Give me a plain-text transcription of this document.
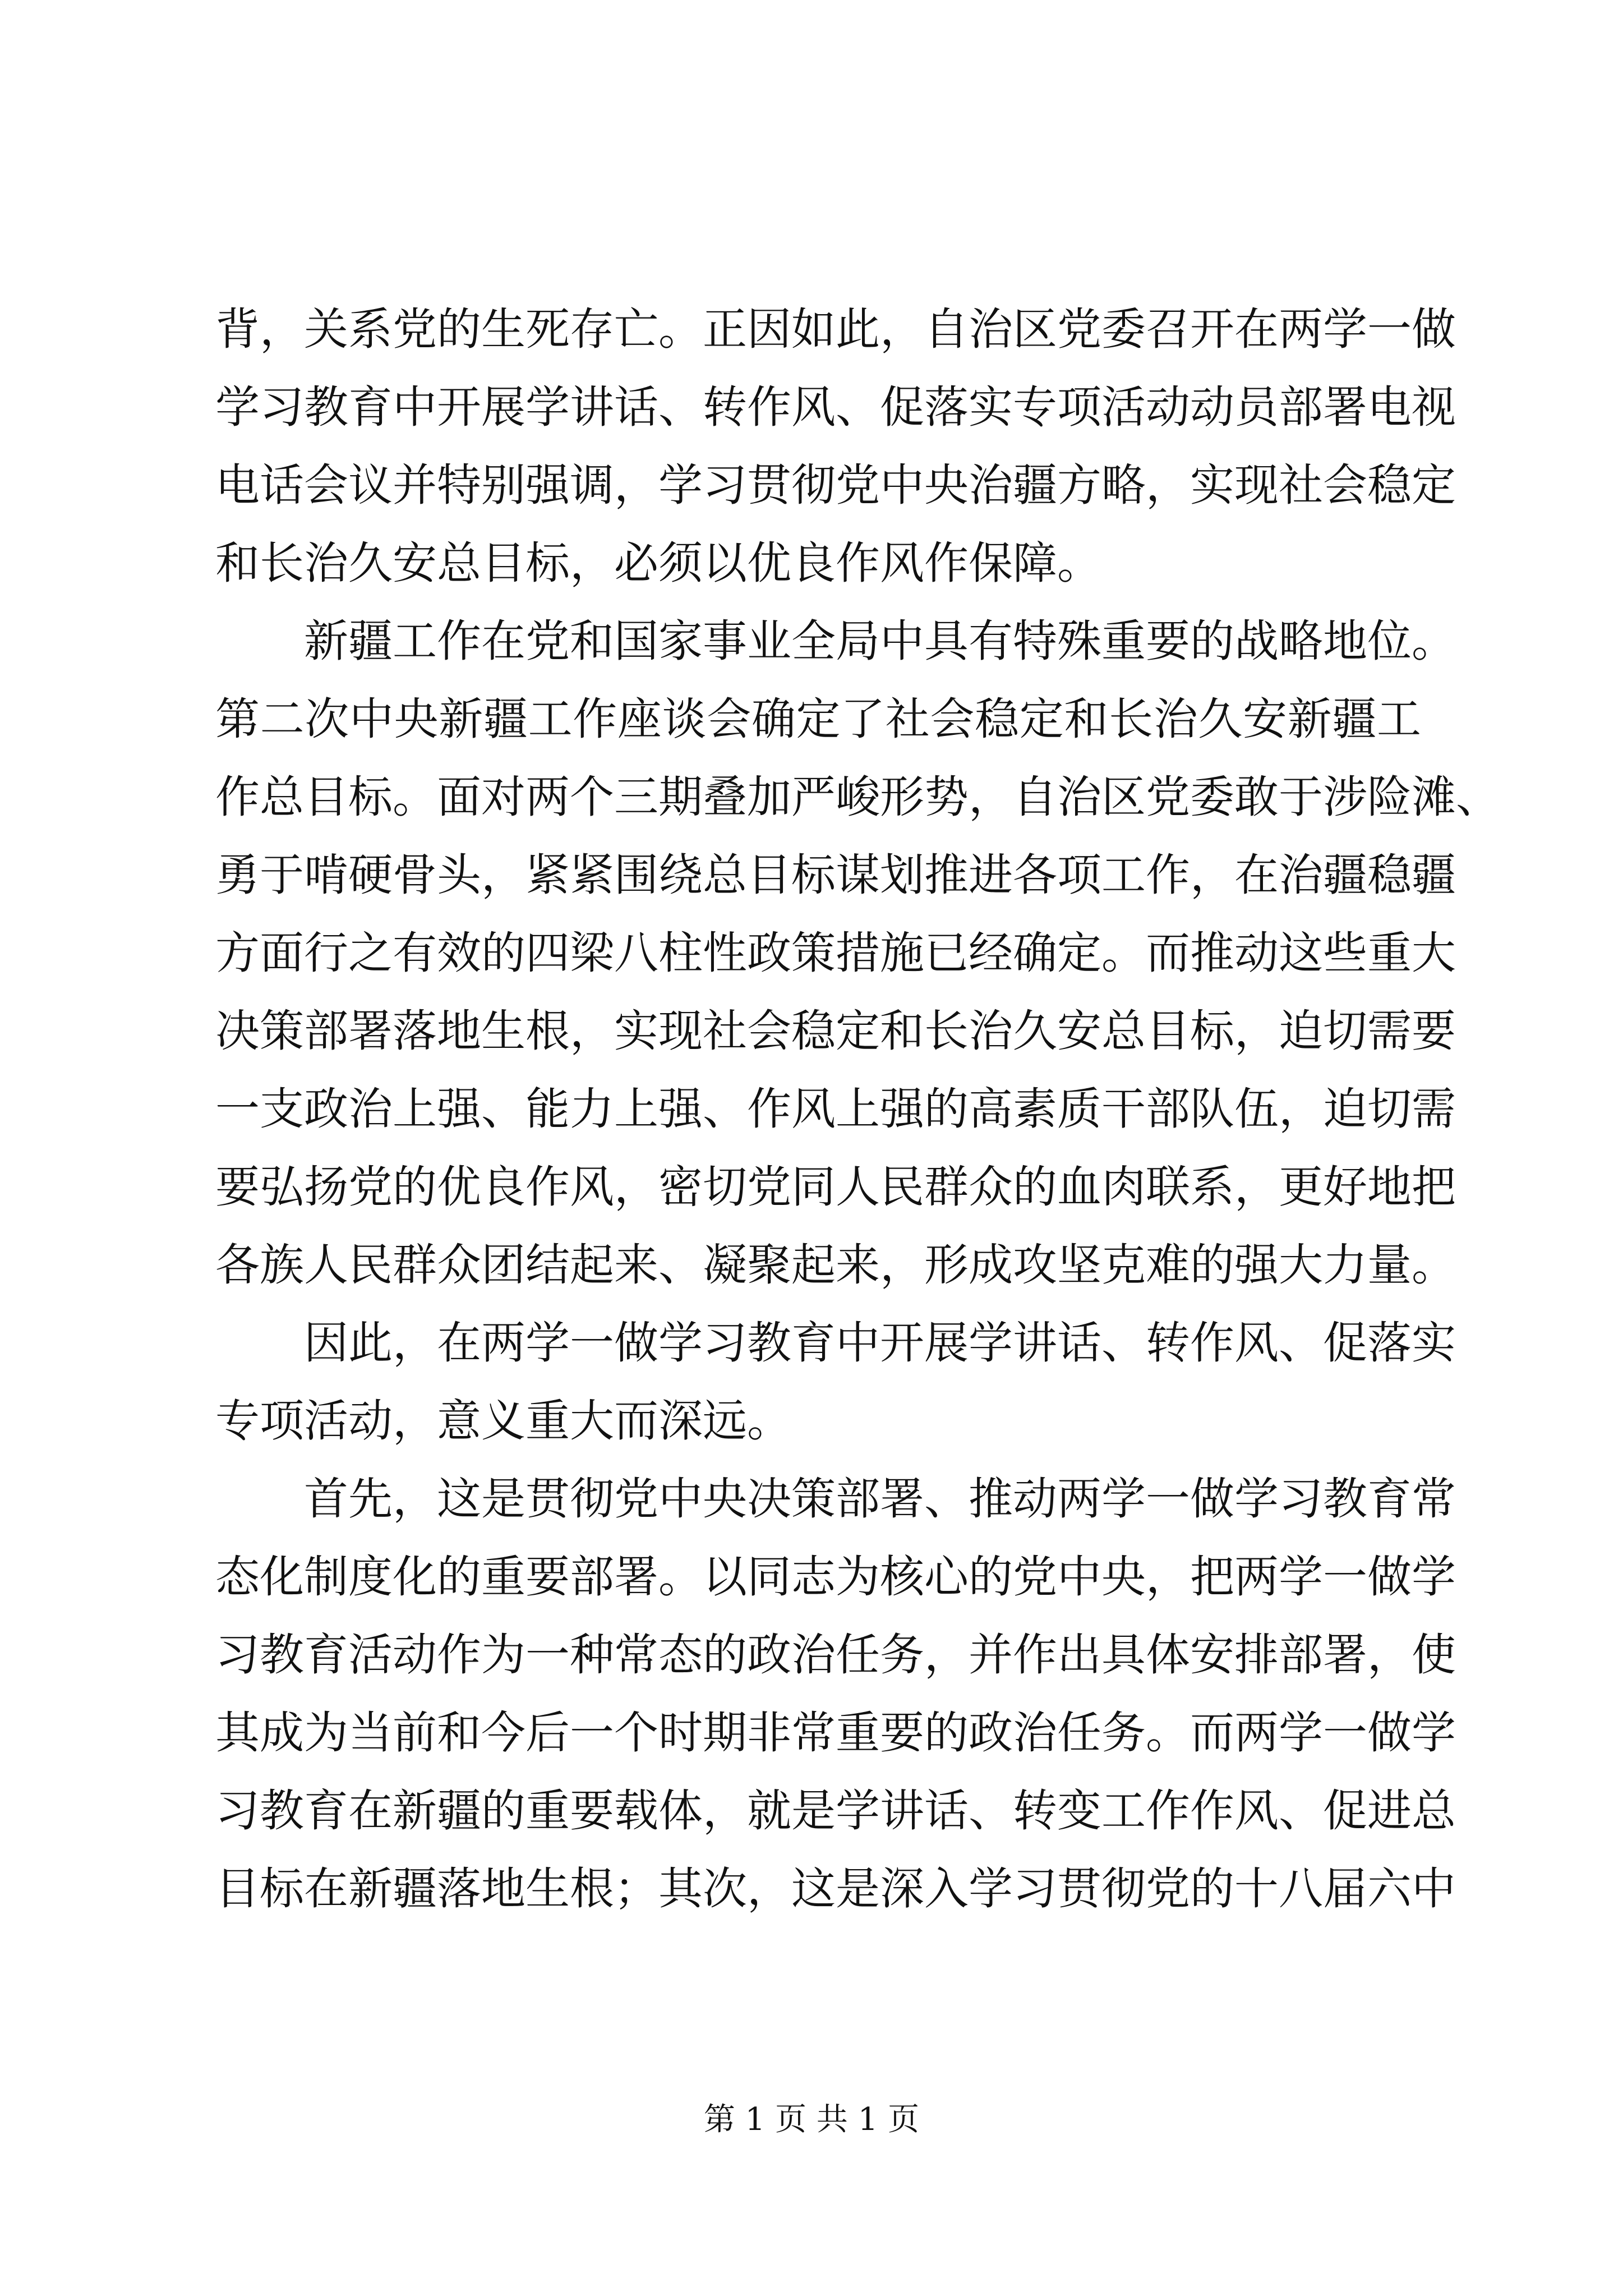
背，关系党的生死存亡。正因如此，自治区党委召开在两学一做
学习教育中开展学讲话、转作风、促落实专项活动动员部署电视
电话会议并特别强调，学习贯彻党中央治疆方略，实现社会稳定
和长治久安总目标，必须以优良作风作保障。
新疆工作在党和国家事业全局中具有特殊重要的战略地位。
第二次中央新疆工作座谈会确定了社会稳定和长治久安新疆工
作总目标。面对两个三期叠加严峻形势，自治区党委敢于涉险滩、
勇于啃硬骨头，紧紧围绕总目标谋划推进各项工作，在治疆稳疆
方面行之有效的四梁八柱性政策措施已经确定。而推动这些重大
决策部署落地生根，实现社会稳定和长治久安总目标，迫切需要
一支政治上强、能力上强、作风上强的高素质干部队伍，迫切需
要弘扬党的优良作风，密切党同人民群众的血肉联系，更好地把
各族人民群众团结起来、凝聚起来，形成攻坚克难的强大力量。
因此，在两学一做学习教育中开展学讲话、转作风、促落实
专项活动，意义重大而深远。
首先，这是贯彻党中央决策部署、推动两学一做学习教育常
态化制度化的重要部署。以同志为核心的党中央，把两学一做学
习教育活动作为一种常态的政治任务，并作出具体安排部署，使
其成为当前和今后一个时期非常重要的政治任务。而两学一做学
习教育在新疆的重要载体，就是学讲话、转变工作作风、促进总
目标在新疆落地生根；其次，这是深入学习贯彻党的十八届六中
第 1 页 共 1 页
